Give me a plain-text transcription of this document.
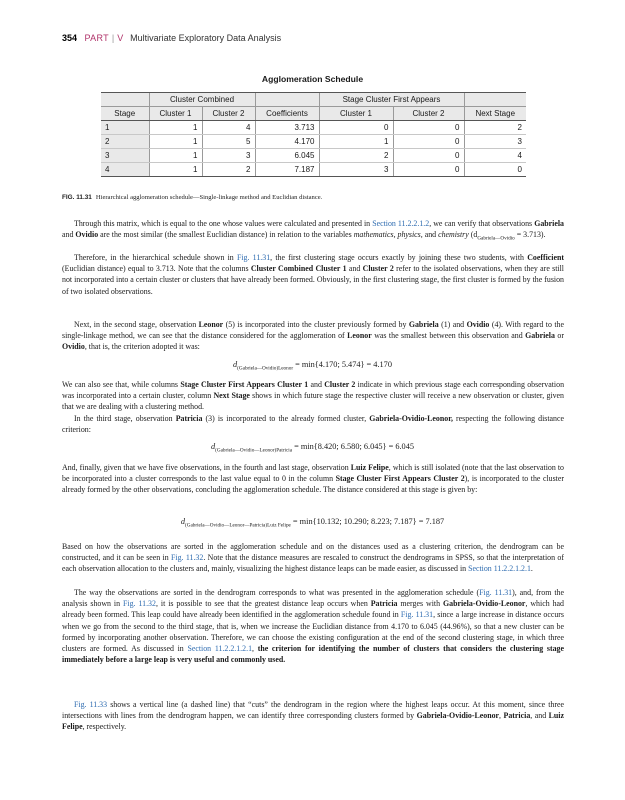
354 PART | V Multivariate Exploratory Data Analysis
Agglomeration Schedule
	Cluster Combined			Stage Cluster First Appears		
Stage	Cluster 1	Cluster 2	Coefficients	Cluster 1	Cluster 2	Next Stage
1	1	4	3.713	0	0	2
2	1	5	4.170	1	0	3
3	1	3	6.045	2	0	4
4	1	2	7.187	3	0	0
FIG. 11.31 Hierarchical agglomeration schedule—Single-linkage method and Euclidian distance.

Through this matrix, which is equal to the one whose values were calculated and presented in Section 11.2.2.1.2, we can verify that observations Gabriela and Ovidio are the most similar (the smallest Euclidian distance) in relation to the variables mathematics, physics, and chemistry $(d_{Gabriela—Ovidio} = 3.713)$.

Therefore, in the hierarchical schedule shown in Fig. 11.31, the first clustering stage occurs exactly by joining these two students, with Coefficient (Euclidian distance) equal to 3.713. Note that the columns Cluster Combined Cluster 1 and Cluster 2 refer to the isolated observations, when they are still not incorporated into a certain cluster or clusters that have already been formed. Obviously, in the first clustering stage, the first cluster is formed by the fusion of two isolated observations.

Next, in the second stage, observation Leonor (5) is incorporated into the cluster previously formed by Gabriela (1) and Ovidio (4). With regard to the single-linkage method, we can see that the distance considered for the agglomeration of Leonor was the smallest between this observation and Gabriela or Ovidio, that is, the criterion adopted it was:

$d_{(Gabriela—Ovidio)Leonor} = \min\{4.170$; 5.474} = 4.170

We can also see that, while columns Stage Cluster First Appears Cluster 1 and Cluster 2 indicate in which previous stage each corresponding observation was incorporated into a certain cluster, column Next Stage shows in which future stage the respective cluster will receive a new observation or cluster, given that we are dealing with a clustering method.

In the third stage, observation Patricia (3) is incorporated to the already formed cluster, Gabriela-Ovidio-Leonor, respecting the following distance criterion:

$d_{(Gabriela—Ovidio—Leonor)Patricia} = \min\{8.420$; 6.580; 6.045} = 6.045

And, finally, given that we have five observations, in the fourth and last stage, observation Luiz Felipe, which is still isolated (note that the last observation to be incorporated into a cluster corresponds to the last value equal to 0 in the column Stage Cluster First Appears Cluster 2), is incorporated to the cluster already formed by the other observations, concluding the agglomeration schedule. The distance considered at this stage is given by:

$d_{(Gabriela—Ovidio—Leonor—Patricia)Luiz Felipe} = \min\{10.132$; 10.290; 8.223; 7.187} = 7.187

Based on how the observations are sorted in the agglomeration schedule and on the distances used as a clustering criterion, the dendrogram can be constructed, and it can be seen in Fig. 11.32. Note that the distance measures are rescaled to construct the dendrograms in SPSS, so that the interpretation of each observation allocation to the clusters and, mainly, visualizing the highest distance leaps can be made easier, as discussed in Section 11.2.2.1.2.1.

The way the observations are sorted in the dendrogram corresponds to what was presented in the agglomeration schedule (Fig. 11.31), and, from the analysis shown in Fig. 11.32, it is possible to see that the greatest distance leap occurs when Patricia merges with Gabriela-Ovidio-Leonor, which had already been formed. This leap could have already been identified in the agglomeration schedule found in Fig. 11.31, since a large increase in distance occurs when we go from the second to the third stage, that is, when we increase the Euclidian distance from 4.170 to 6.045 (44.96%), so that a new cluster can be formed by incorporating another observation. Therefore, we can choose the existing configuration at the end of the second clustering stage, in which three clusters are formed. As discussed in Section 11.2.2.1.2.1, the criterion for identifying the number of clusters that considers the clustering stage immediately before a large leap is very useful and commonly used.

Fig. 11.33 shows a vertical line (a dashed line) that “cuts” the dendrogram in the region where the highest leaps occur. At this moment, since three intersections with lines from the dendrogram happen, we can identify three corresponding clusters formed by Gabriela-Ovidio-Leonor, Patricia, and Luiz Felipe, respectively.
